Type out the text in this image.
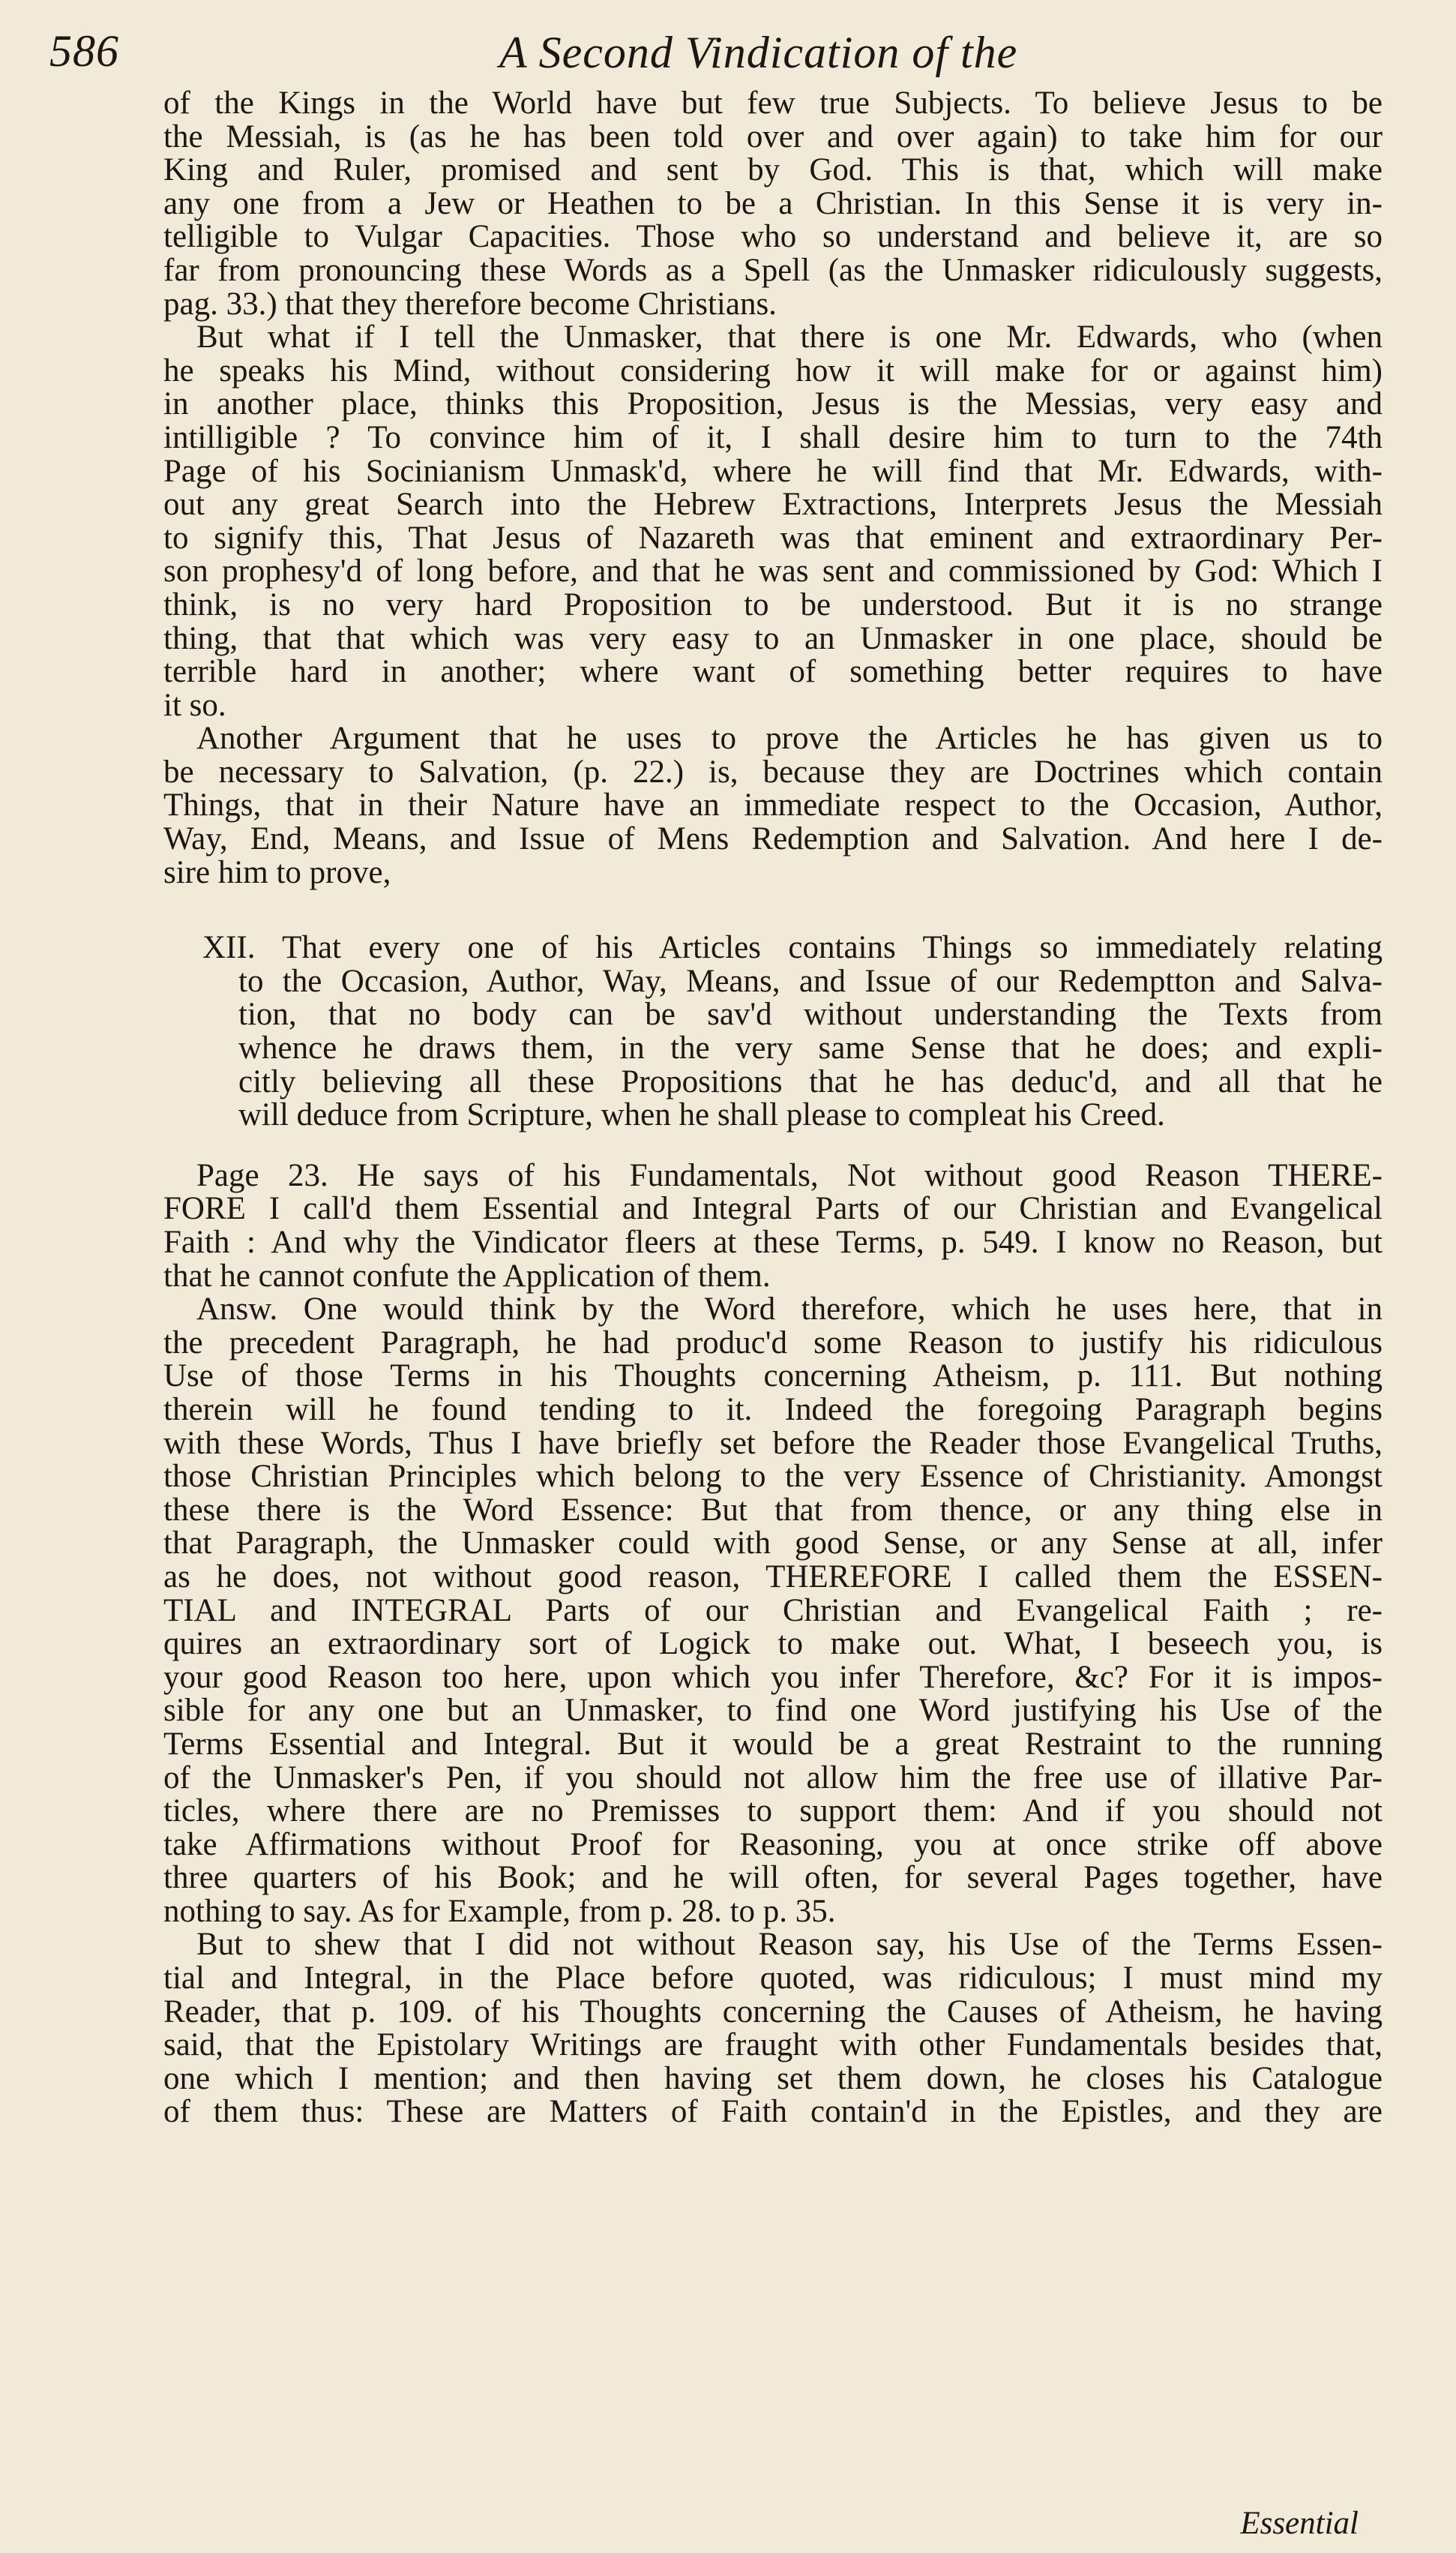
586	A Second Vindication of the
of the Kings in the World have but few true Subjects. To believe Jesus to be
the Messiah, is (as he has been told over and over again) to take him for our
King and Ruler, promised and sent by God. This is that, which will make
any one from a Jew or Heathen to be a Christian. In this Sense it is very in-
telligible to Vulgar Capacities. Those who so understand and believe it, are so
far from pronouncing these Words as a Spell (as the Unmasker ridiculously suggests,
pag. 33.) that they therefore become Christians.
But what if I tell the Unmasker, that there is one Mr. Edwards, who (when
he speaks his Mind, without considering how it will make for or against him)
in another place, thinks this Proposition, Jesus is the Messias, very easy and
intilligible ? To convince him of it, I shall desire him to turn to the 74th
Page of his Socinianism Unmask'd, where he will find that Mr. Edwards, with-
out any great Search into the Hebrew Extractions, Interprets Jesus the Messiah
to signify this, That Jesus of Nazareth was that eminent and extraordinary Per-
son prophesy'd of long before, and that he was sent and commissioned by God: Which I
think, is no very hard Proposition to be understood. But it is no strange
thing, that that which was very easy to an Unmasker in one place, should be
terrible hard in another; where want of something better requires to have
it so.
Another Argument that he uses to prove the Articles he has given us to
be necessary to Salvation, (p. 22.) is, because they are Doctrines which contain
Things, that in their Nature have an immediate respect to the Occasion, Author,
Way, End, Means, and Issue of Mens Redemption and Salvation. And here I de-
sire him to prove,
XII. That every one of his Articles contains Things so immediately relating
to the Occasion, Author, Way, Means, and Issue of our Redemptton and Salva-
tion, that no body can be sav'd without understanding the Texts from
whence he draws them, in the very same Sense that he does; and expli-
citly believing all these Propositions that he has deduc'd, and all that he
will deduce from Scripture, when he shall please to compleat his Creed.
Page 23. He says of his Fundamentals, Not without good Reason THERE-
FORE I call'd them Essential and Integral Parts of our Christian and Evangelical
Faith : And why the Vindicator fleers at these Terms, p. 549. I know no Reason, but
that he cannot confute the Application of them.
Answ. One would think by the Word therefore, which he uses here, that in
the precedent Paragraph, he had produc'd some Reason to justify his ridiculous
Use of those Terms in his Thoughts concerning Atheism, p. 111. But nothing
therein will he found tending to it. Indeed the foregoing Paragraph begins
with these Words, Thus I have briefly set before the Reader those Evangelical Truths,
those Christian Principles which belong to the very Essence of Christianity. Amongst
these there is the Word Essence: But that from thence, or any thing else in
that Paragraph, the Unmasker could with good Sense, or any Sense at all, infer
as he does, not without good reason, THEREFORE I called them the ESSEN-
TIAL and INTEGRAL Parts of our Christian and Evangelical Faith ; re-
quires an extraordinary sort of Logick to make out. What, I beseech you, is
your good Reason too here, upon which you infer Therefore, &c? For it is impos-
sible for any one but an Unmasker, to find one Word justifying his Use of the
Terms Essential and Integral. But it would be a great Restraint to the running
of the Unmasker's Pen, if you should not allow him the free use of illative Par-
ticles, where there are no Premisses to support them: And if you should not
take Affirmations without Proof for Reasoning, you at once strike off above
three quarters of his Book; and he will often, for several Pages together, have
nothing to say. As for Example, from p. 28. to p. 35.
But to shew that I did not without Reason say, his Use of the Terms Essen-
tial and Integral, in the Place before quoted, was ridiculous; I must mind my
Reader, that p. 109. of his Thoughts concerning the Causes of Atheism, he having
said, that the Epistolary Writings are fraught with other Fundamentals besides that,
one which I mention; and then having set them down, he closes his Catalogue
of them thus: These are Matters of Faith contain'd in the Epistles, and they are
Essential
